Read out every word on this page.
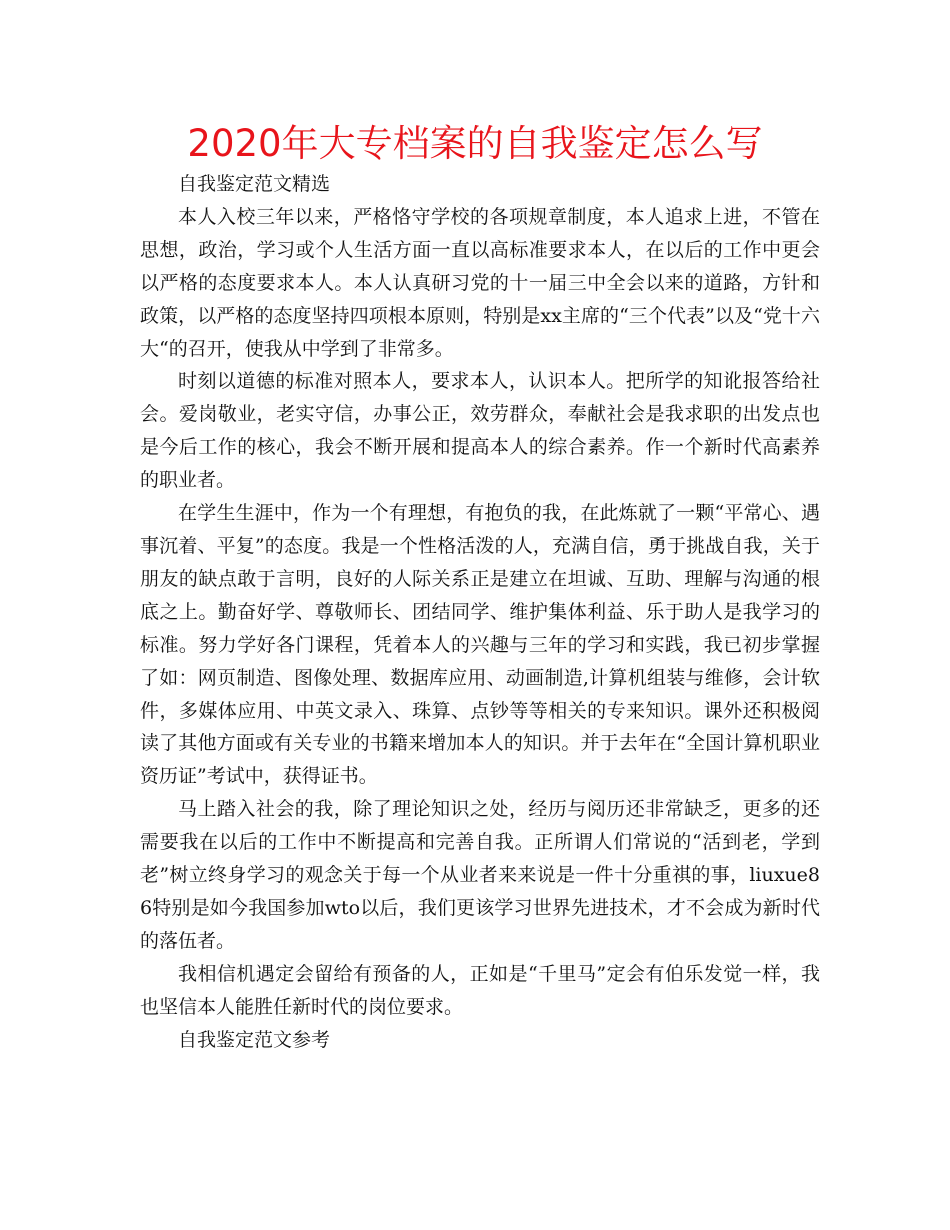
2020年大专档案的自我鉴定怎么写

自我鉴定范文精选

本人入校三年以来，严格恪守学校的各项规章制度，本人追求上进，不管在思想，政治，学习或个人生活方面一直以高标准要求本人，在以后的工作中更会以严格的态度要求本人。本人认真研习党的十一届三中全会以来的道路，方针和政策，以严格的态度坚持四项根本原则，特别是xx主席的“三个代表”以及“党十六大“的召开，使我从中学到了非常多。

时刻以道德的标准对照本人，要求本人，认识本人。把所学的知讹报答给社会。爱岗敬业，老实守信，办事公正，效劳群众，奉献社会是我求职的出发点也是今后工作的核心，我会不断开展和提高本人的综合素养。作一个新时代高素养的职业者。

在学生生涯中，作为一个有理想，有抱负的我，在此炼就了一颗“平常心、遇事沉着、平复”的态度。我是一个性格活泼的人，充满自信，勇于挑战自我，关于朋友的缺点敢于言明，良好的人际关系正是建立在坦诚、互助、理解与沟通的根底之上。勤奋好学、尊敬师长、团结同学、维护集体利益、乐于助人是我学习的标准。努力学好各门课程，凭着本人的兴趣与三年的学习和实践，我已初步掌握了如：网页制造、图像处理、数据库应用、动画制造,计算机组装与维修，会计软件，多媒体应用、中英文录入、珠算、点钞等等相关的专来知识。课外还积极阅读了其他方面或有关专业的书籍来增加本人的知识。并于去年在“全国计算机职业资历证”考试中，获得证书。

马上踏入社会的我，除了理论知识之处，经历与阅历还非常缺乏，更多的还需要我在以后的工作中不断提高和完善自我。正所谓人们常说的“活到老，学到老”树立终身学习的观念关于每一个从业者来来说是一件十分重祺的事，liuxue86特别是如今我国参加wto以后，我们更该学习世界先进技术，才不会成为新时代的落伍者。

我相信机遇定会留给有预备的人，正如是“千里马”定会有伯乐发觉一样，我也坚信本人能胜任新时代的岗位要求。

自我鉴定范文参考
